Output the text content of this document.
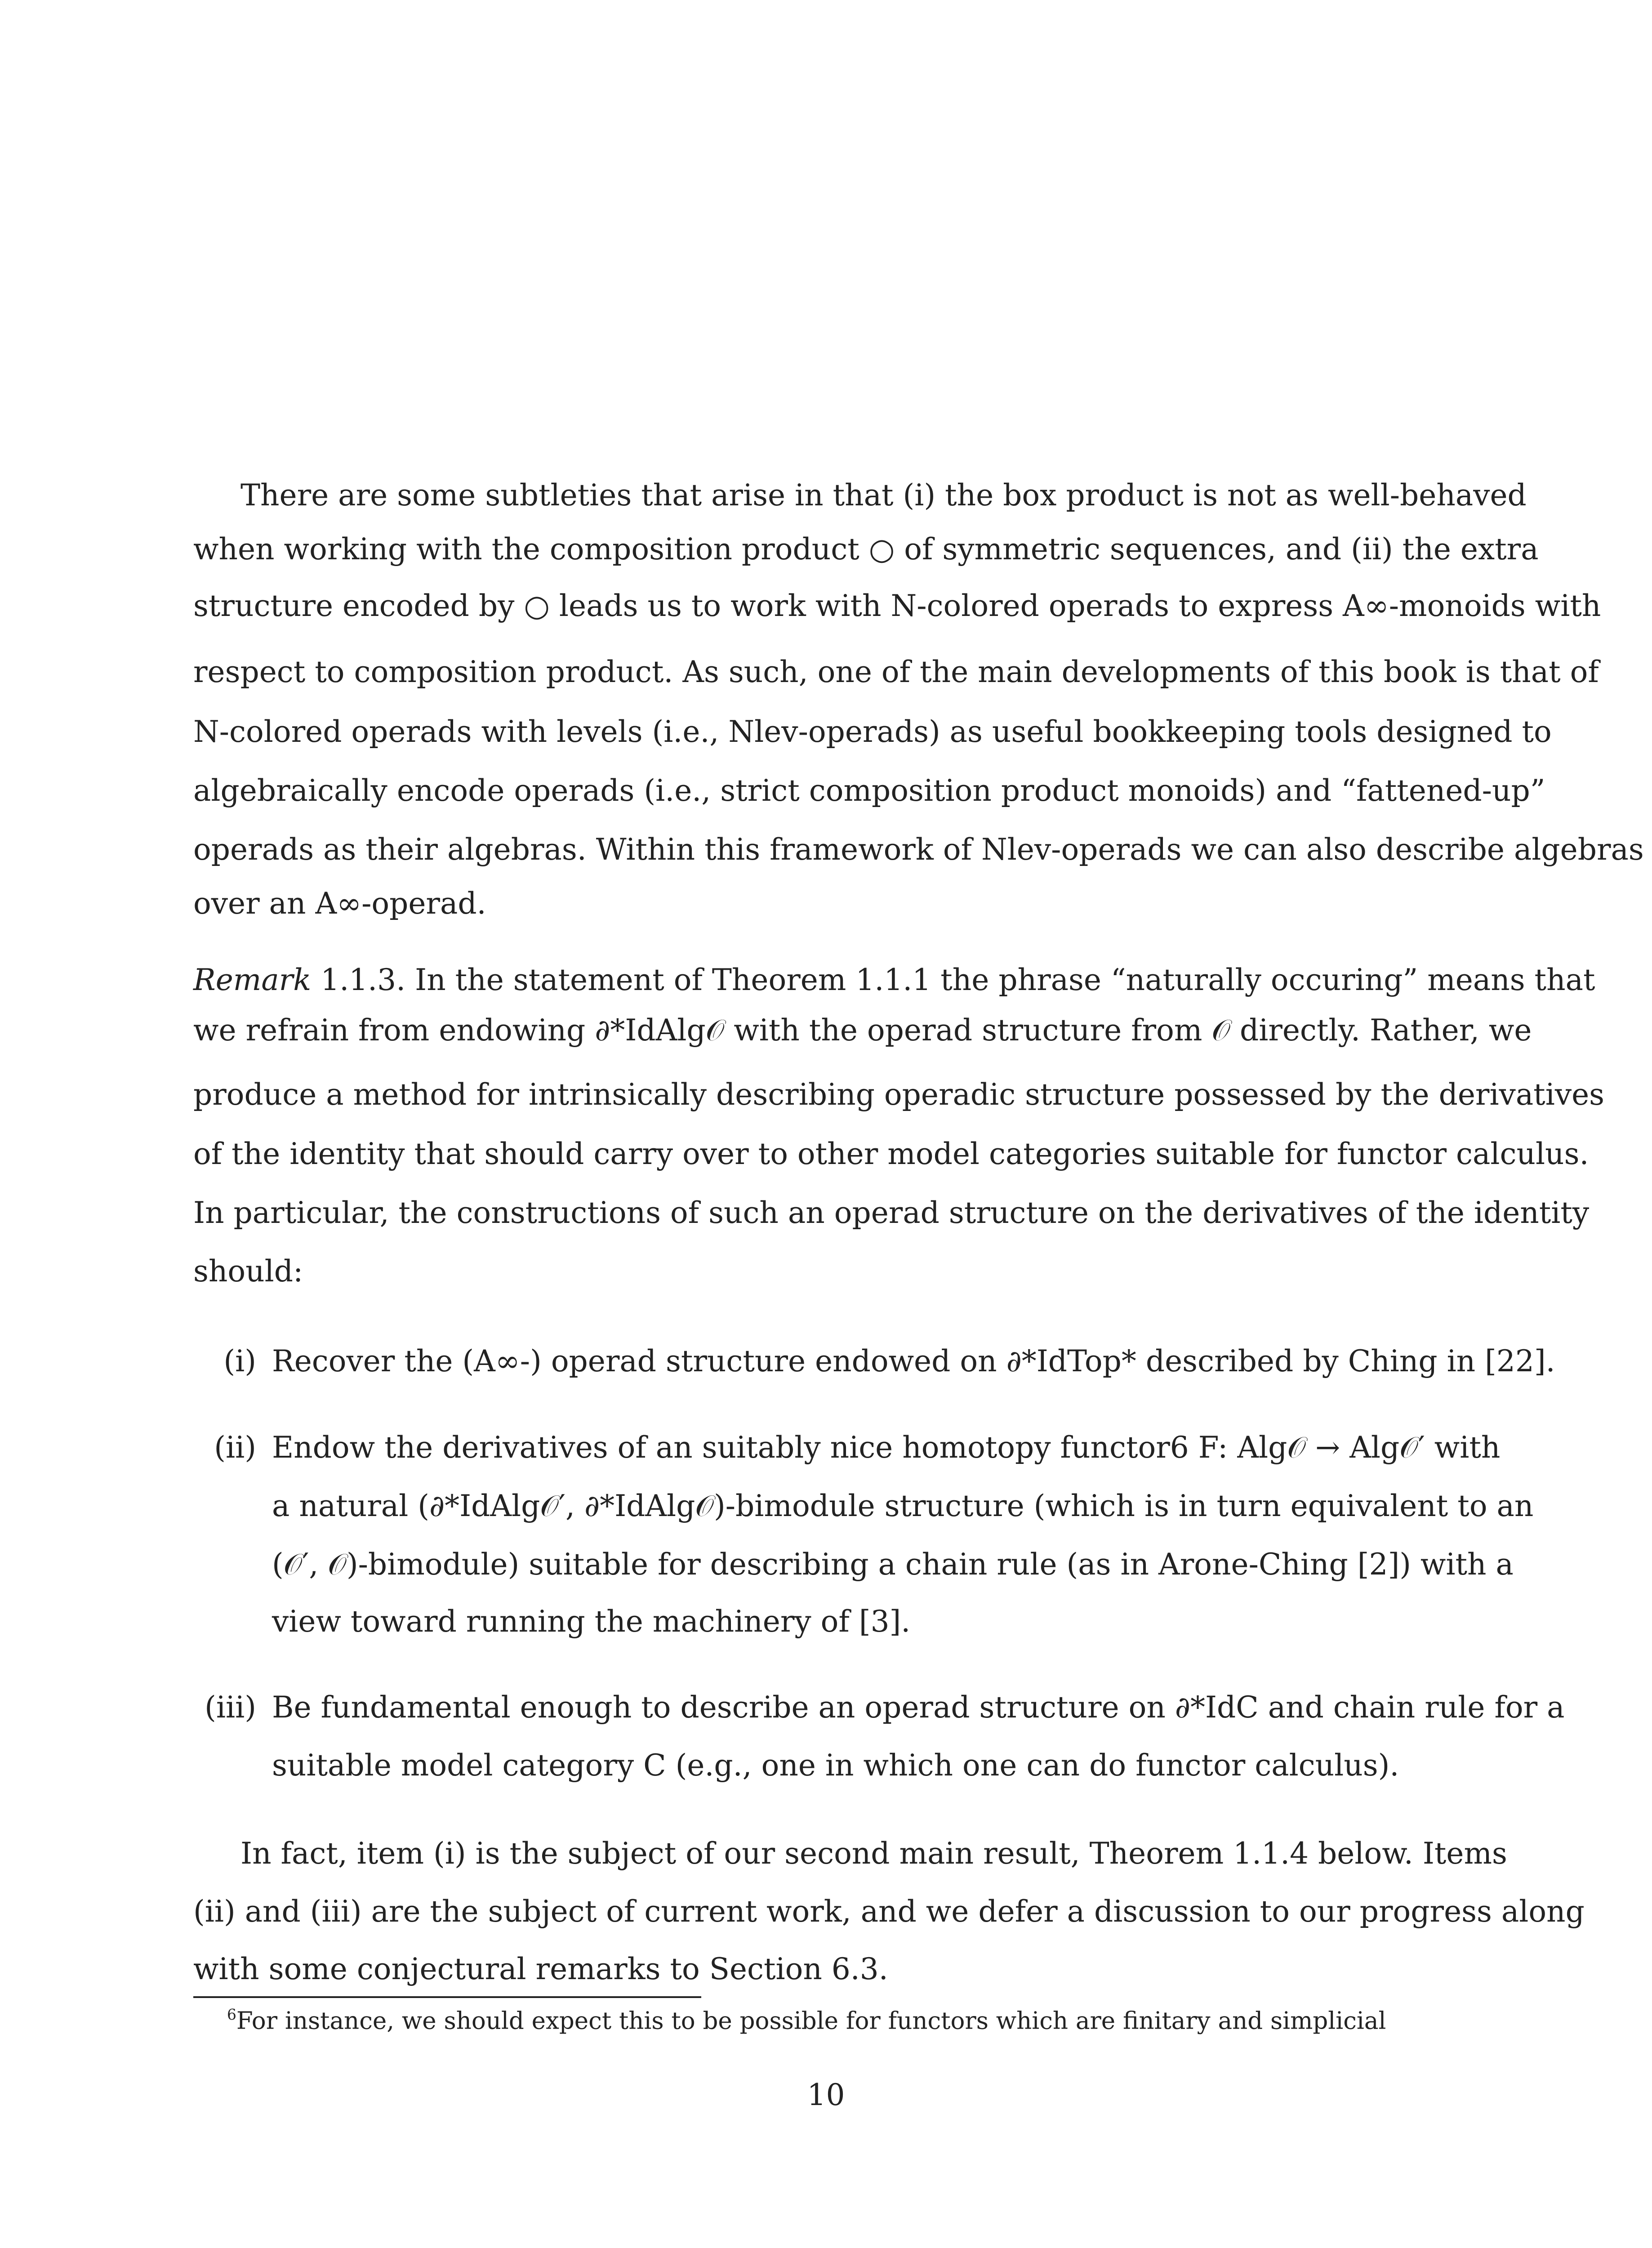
There are some subtleties that arise in that (i) the box product is not as well-behaved
when working with the composition product ○ of symmetric sequences, and (ii) the extra
structure encoded by ○ leads us to work with N-colored operads to express A∞-monoids with
respect to composition product. As such, one of the main developments of this book is that of
N-colored operads with levels (i.e., Nlev-operads) as useful bookkeeping tools designed to
algebraically encode operads (i.e., strict composition product monoids) and “fattened-up”
operads as their algebras. Within this framework of Nlev-operads we can also describe algebras
over an A∞-operad.
Remark 1.1.3. In the statement of Theorem 1.1.1 the phrase “naturally occuring” means that
we refrain from endowing ∂*IdAlg𝒪 with the operad structure from 𝒪 directly. Rather, we
produce a method for intrinsically describing operadic structure possessed by the derivatives
of the identity that should carry over to other model categories suitable for functor calculus.
In particular, the constructions of such an operad structure on the derivatives of the identity
should:
(i) Recover the (A∞-) operad structure endowed on ∂*IdTop* described by Ching in [22].
(ii) Endow the derivatives of an suitably nice homotopy functor6 F: Alg𝒪 → Alg𝒪′ with
a natural (∂*IdAlg𝒪′, ∂*IdAlg𝒪)-bimodule structure (which is in turn equivalent to an
(𝒪′, 𝒪)-bimodule) suitable for describing a chain rule (as in Arone-Ching [2]) with a
view toward running the machinery of [3].
(iii) Be fundamental enough to describe an operad structure on ∂*IdC and chain rule for a
suitable model category C (e.g., one in which one can do functor calculus).
In fact, item (i) is the subject of our second main result, Theorem 1.1.4 below. Items
(ii) and (iii) are the subject of current work, and we defer a discussion to our progress along
with some conjectural remarks to Section 6.3.
$^6$For instance, we should expect this to be possible for functors which are finitary and simplicial
10
